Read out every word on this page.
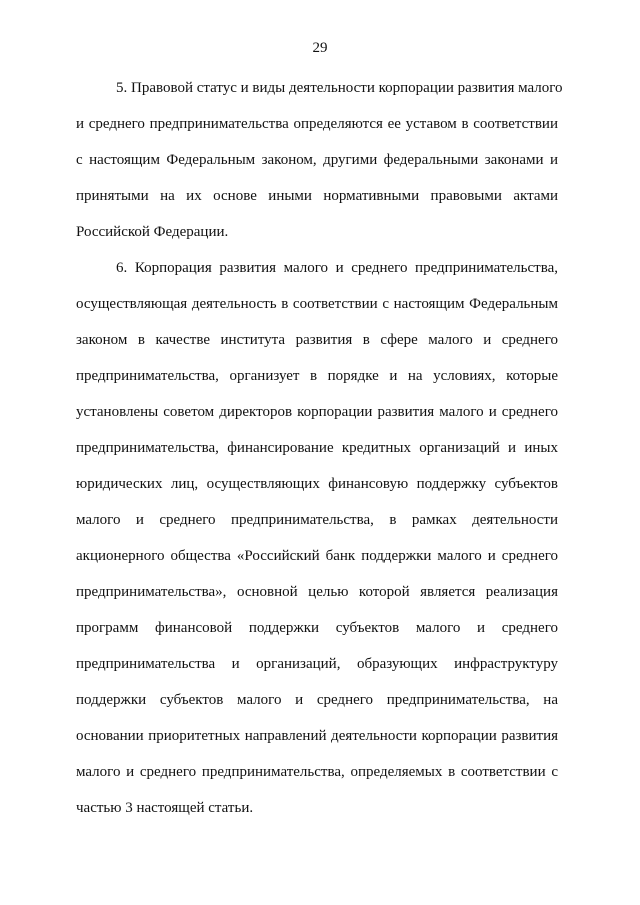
29

5. Правовой статус и виды деятельности корпорации развития малого
и среднего предпринимательства определяются ее уставом в соответствии
с настоящим Федеральным законом, другими федеральными законами и
принятыми на их основе иными нормативными правовыми актами
Российской Федерации.

6. Корпорация развития малого и среднего предпринимательства,
осуществляющая деятельность в соответствии с настоящим Федеральным
законом в качестве института развития в сфере малого и среднего
предпринимательства, организует в порядке и на условиях, которые
установлены советом директоров корпорации развития малого и среднего
предпринимательства, финансирование кредитных организаций и иных
юридических лиц, осуществляющих финансовую поддержку субъектов
малого и среднего предпринимательства, в рамках деятельности
акционерного общества «Российский банк поддержки малого и среднего
предпринимательства», основной целью которой является реализация
программ финансовой поддержки субъектов малого и среднего
предпринимательства и организаций, образующих инфраструктуру
поддержки субъектов малого и среднего предпринимательства, на
основании приоритетных направлений деятельности корпорации развития
малого и среднего предпринимательства, определяемых в соответствии с
частью 3 настоящей статьи.
